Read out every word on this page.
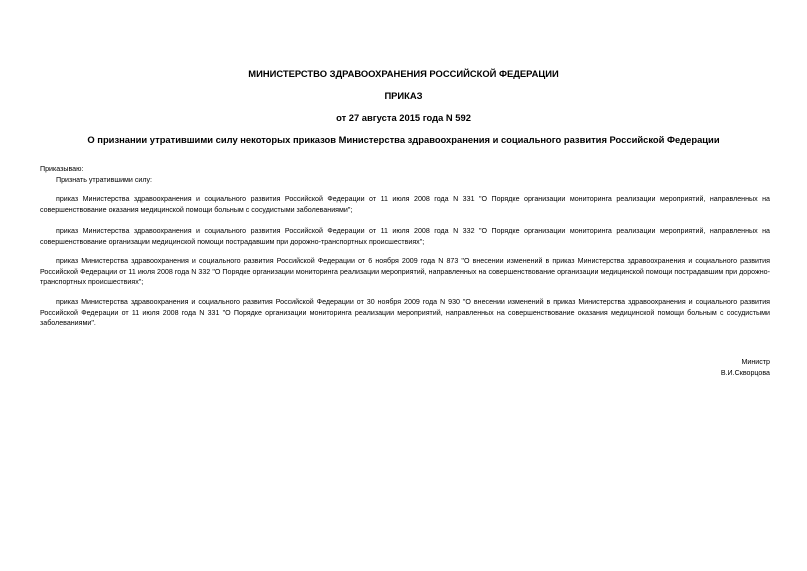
МИНИСТЕРСТВО ЗДРАВООХРАНЕНИЯ РОССИЙСКОЙ ФЕДЕРАЦИИ
ПРИКАЗ
от 27 августа 2015 года N 592
О признании утратившими силу некоторых приказов Министерства здравоохранения и социального развития Российской Федерации
Приказываю:
Признать утратившими силу:
приказ Министерства здравоохранения и социального развития Российской Федерации от 11 июля 2008 года N 331 "О Порядке организации мониторинга реализации мероприятий, направленных на совершенствование оказания медицинской помощи больным с сосудистыми заболеваниями";
приказ Министерства здравоохранения и социального развития Российской Федерации от 11 июля 2008 года N 332 "О Порядке организации мониторинга реализации мероприятий, направленных на совершенствование организации медицинской помощи пострадавшим при дорожно-транспортных происшествиях";
приказ Министерства здравоохранения и социального развития Российской Федерации от 6 ноября 2009 года N 873 "О внесении изменений в приказ Министерства здравоохранения и социального развития Российской Федерации от 11 июля 2008 года N 332 "О Порядке организации мониторинга реализации мероприятий, направленных на совершенствование организации медицинской помощи пострадавшим при дорожно-транспортных происшествиях";
приказ Министерства здравоохранения и социального развития Российской Федерации от 30 ноября 2009 года N 930 "О внесении изменений в приказ Министерства здравоохранения и социального развития Российской Федерации от 11 июля 2008 года N 331 "О Порядке организации мониторинга реализации мероприятий, направленных на совершенствование оказания медицинской помощи больным с сосудистыми заболеваниями".
Министр
В.И.Скворцова
